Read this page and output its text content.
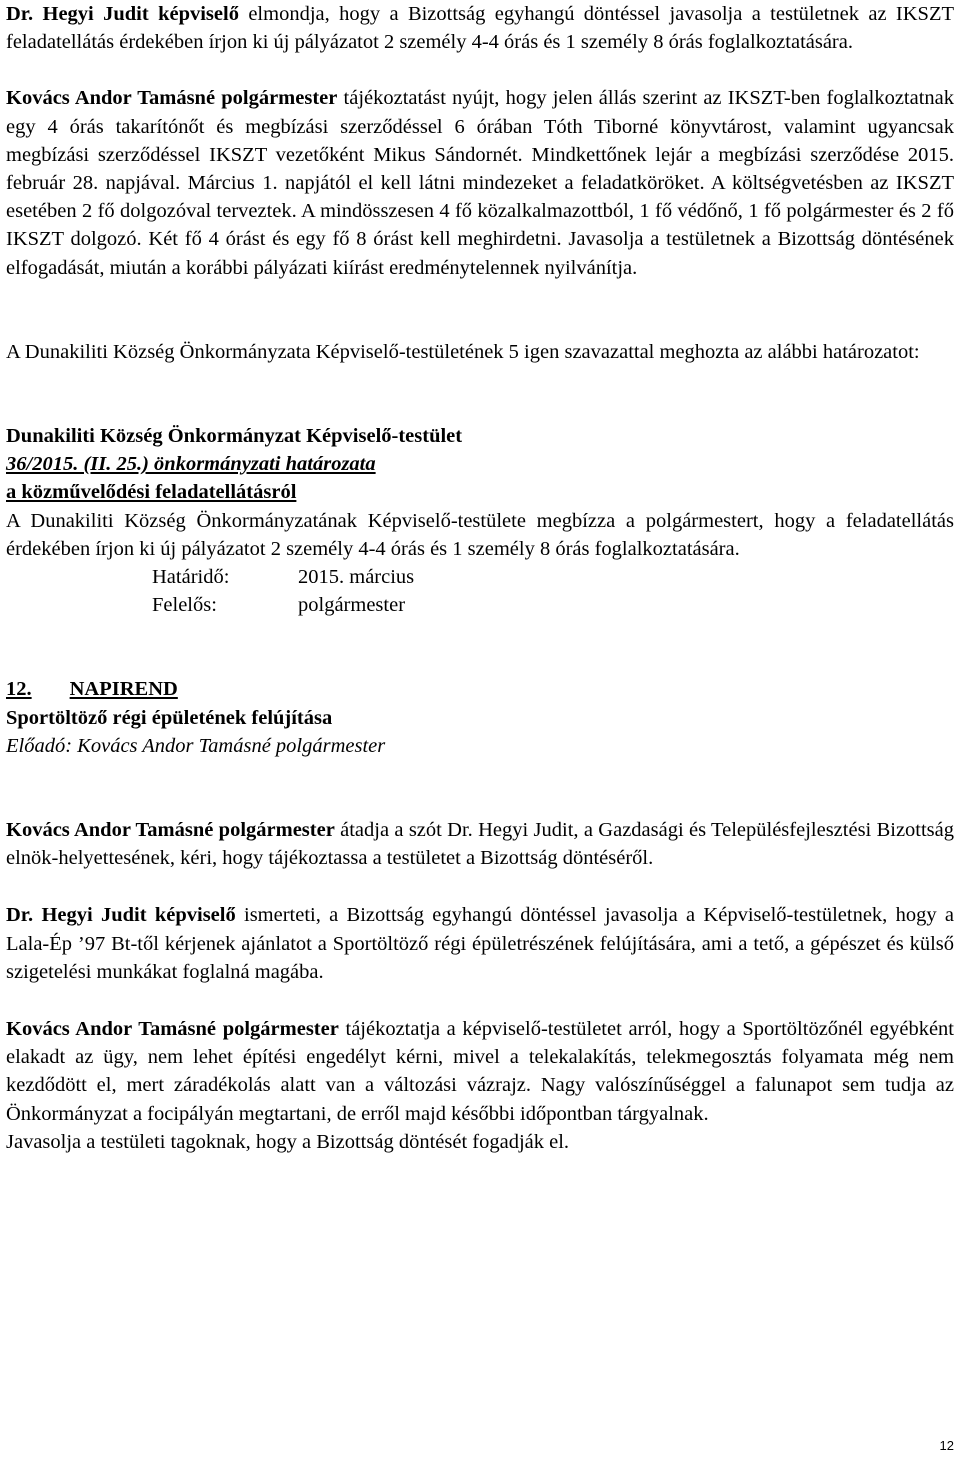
Dr. Hegyi Judit képviselő elmondja, hogy a Bizottság egyhangú döntéssel javasolja a testületnek az IKSZT feladatellátás érdekében írjon ki új pályázatot 2 személy 4-4 órás és 1 személy 8 órás foglalkoztatására.

Kovács Andor Tamásné polgármester tájékoztatást nyújt, hogy jelen állás szerint az IKSZT-ben foglalkoztatnak egy 4 órás takarítónőt és megbízási szerződéssel 6 órában Tóth Tiborné könyvtárost, valamint ugyancsak megbízási szerződéssel IKSZT vezetőként Mikus Sándornét. Mindkettőnek lejár a megbízási szerződése 2015. február 28. napjával. Március 1. napjától el kell látni mindezeket a feladatköröket. A költségvetésben az IKSZT esetében 2 fő dolgozóval terveztek. A mindösszesen 4 fő közalkalmazottból, 1 fő védőnő, 1 fő polgármester és 2 fő IKSZT dolgozó. Két fő 4 órást és egy fő 8 órást kell meghirdetni. Javasolja a testületnek a Bizottság döntésének elfogadását, miután a korábbi pályázati kiírást eredménytelennek nyilvánítja.

A Dunakiliti Község Önkormányzata Képviselő-testületének 5 igen szavazattal meghozta az alábbi határozatot:

Dunakiliti Község Önkormányzat Képviselő-testület

36/2015. (II. 25.) önkormányzati határozata

a közművelődési feladatellátásról

A Dunakiliti Község Önkormányzatának Képviselő-testülete megbízza a polgármestert, hogy a feladatellátás érdekében írjon ki új pályázatot 2 személy 4-4 órás és 1 személy 8 órás foglalkoztatására.

Határidő:	2015. március

Felelős:	polgármester

12. NAPIREND

Sportöltöző régi épületének felújítása

Előadó: Kovács Andor Tamásné polgármester

Kovács Andor Tamásné polgármester átadja a szót Dr. Hegyi Judit, a Gazdasági és Településfejlesztési Bizottság elnök-helyettesének, kéri, hogy tájékoztassa a testületet a Bizottság döntéséről.

Dr. Hegyi Judit képviselő ismerteti, a Bizottság egyhangú döntéssel javasolja a Képviselő-testületnek, hogy a Lala-Ép ’97 Bt-től kérjenek ajánlatot a Sportöltöző régi épületrészének felújítására, ami a tető, a gépészet és külső szigetelési munkákat foglalná magába.

Kovács Andor Tamásné polgármester tájékoztatja a képviselő-testületet arról, hogy a Sportöltözőnél egyébként elakadt az ügy, nem lehet építési engedélyt kérni, mivel a telekalakítás, telekmegosztás folyamata még nem kezdődött el, mert záradékolás alatt van a változási vázrajz. Nagy valószínűséggel a falunapot sem tudja az Önkormányzat a focipályán megtartani, de erről majd későbbi időpontban tárgyalnak.

Javasolja a testületi tagoknak, hogy a Bizottság döntését fogadják el.

12
